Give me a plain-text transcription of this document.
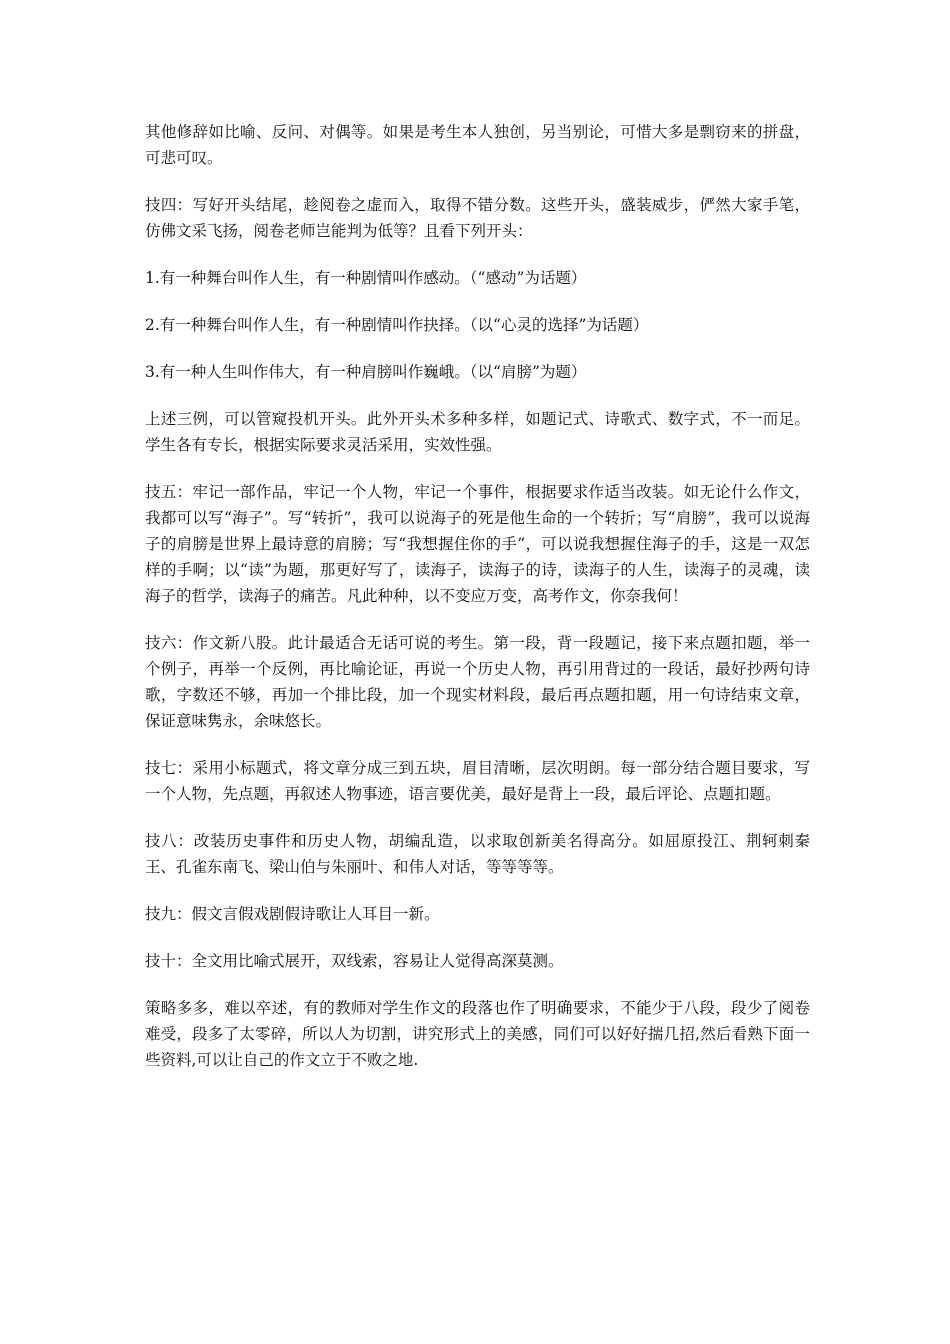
其他修辞如比喻、反问、对偶等。如果是考生本人独创，另当别论，可惜大多是剽窃来的拼盘，可悲可叹。

技四：写好开头结尾，趁阅卷之虚而入，取得不错分数。这些开头，盛装威步，俨然大家手笔，仿佛文采飞扬，阅卷老师岂能判为低等？且看下列开头：

1.有一种舞台叫作人生，有一种剧情叫作感动。（“感动”为话题）

2.有一种舞台叫作人生，有一种剧情叫作抉择。（以“心灵的选择”为话题）

3.有一种人生叫作伟大，有一种肩膀叫作巍峨。（以“肩膀”为题）

上述三例，可以管窥投机开头。此外开头术多种多样，如题记式、诗歌式、数字式，不一而足。学生各有专长，根据实际要求灵活采用，实效性强。

技五：牢记一部作品，牢记一个人物，牢记一个事件，根据要求作适当改装。如无论什么作文，我都可以写“海子”。写“转折”，我可以说海子的死是他生命的一个转折；写“肩膀”，我可以说海子的肩膀是世界上最诗意的肩膀；写“我想握住你的手”，可以说我想握住海子的手，这是一双怎样的手啊；以“读”为题，那更好写了，读海子，读海子的诗，读海子的人生，读海子的灵魂，读海子的哲学，读海子的痛苦。凡此种种，以不变应万变，高考作文，你奈我何！

技六：作文新八股。此计最适合无话可说的考生。第一段，背一段题记，接下来点题扣题，举一个例子，再举一个反例，再比喻论证，再说一个历史人物，再引用背过的一段话，最好抄两句诗歌，字数还不够，再加一个排比段，加一个现实材料段，最后再点题扣题，用一句诗结束文章，保证意味隽永，余味悠长。

技七：采用小标题式，将文章分成三到五块，眉目清晰，层次明朗。每一部分结合题目要求，写一个人物，先点题，再叙述人物事迹，语言要优美，最好是背上一段，最后评论、点题扣题。

技八：改装历史事件和历史人物，胡编乱造，以求取创新美名得高分。如屈原投江、荆轲刺秦王、孔雀东南飞、梁山伯与朱丽叶、和伟人对话，等等等等。

技九：假文言假戏剧假诗歌让人耳目一新。

技十：全文用比喻式展开，双线索，容易让人觉得高深莫测。

策略多多，难以卒述，有的教师对学生作文的段落也作了明确要求，不能少于八段，段少了阅卷难受，段多了太零碎，所以人为切割，讲究形式上的美感，同们可以好好揣几招,然后看熟下面一些资料,可以让自己的作文立于不败之地.
